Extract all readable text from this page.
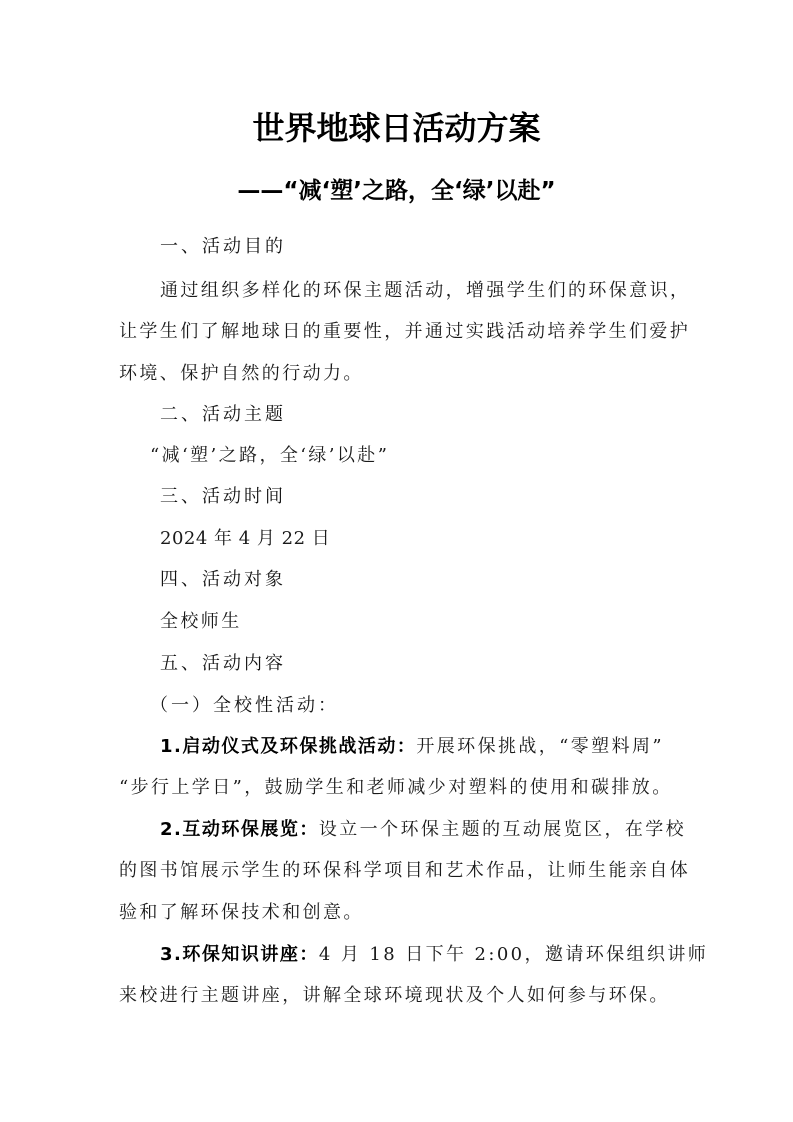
世界地球日活动方案
——“减‘塑’之路，全‘绿’以赴”
一、活动目的
通过组织多样化的环保主题活动，增强学生们的环保意识，
让学生们了解地球日的重要性，并通过实践活动培养学生们爱护
环境、保护自然的行动力。
二、活动主题
“减‘塑’之路，全‘绿’以赴”
三、活动时间
2024 年 4 月 22 日
四、活动对象
全校师生
五、活动内容
（一）全校性活动：
1.启动仪式及环保挑战活动：开展环保挑战，“零塑料周”
“步行上学日”，鼓励学生和老师减少对塑料的使用和碳排放。
2.互动环保展览：设立一个环保主题的互动展览区，在学校
的图书馆展示学生的环保科学项目和艺术作品，让师生能亲自体
验和了解环保技术和创意。
3.环保知识讲座：4 月 18 日下午 2:00，邀请环保组织讲师
来校进行主题讲座，讲解全球环境现状及个人如何参与环保。
